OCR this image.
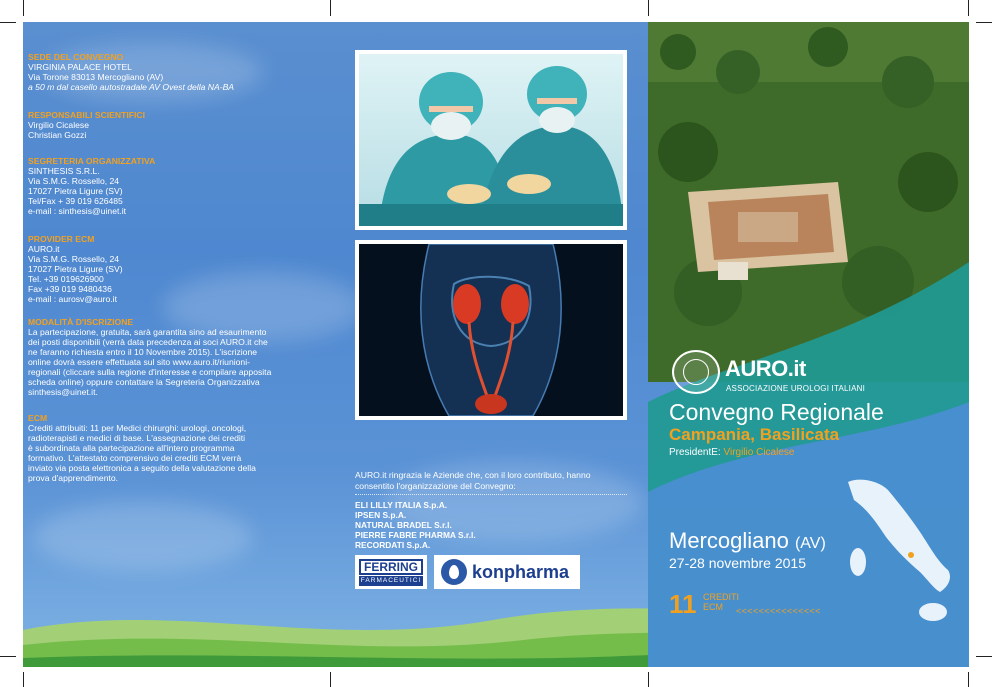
SEDE DEL CONVEGNO

VIRGINIA PALACE HOTEL

Via Torone 83013 Mercogliano (AV)

a 50 m dal casello autostradale AV Ovest della NA-BA

RESPONSABILI SCIENTIFICI

Virgilio Cicalese

Christian Gozzi

SEGRETERIA ORGANIZZATIVA

SINTHESIS S.R.L.

Via S.M.G. Rossello, 24

17027 Pietra Ligure (SV)

Tel/Fax + 39 019 626485

e-mail : sinthesis@uinet.it

PROVIDER ECM

AURO.it

Via S.M.G. Rossello, 24

17027 Pietra Ligure (SV)

Tel. +39 019626900

Fax +39 019 9480436

e-mail : aurosv@auro.it

MODALITÀ D'ISCRIZIONE

La partecipazione, gratuita, sarà garantita sino ad esaurimento

dei posti disponibili (verrà data precedenza ai soci AURO.it che

ne faranno richiesta entro il 10 Novembre 2015). L'iscrizione

online dovrà essere effettuata sul sito www.auro.it/riunioni-

regionali (cliccare sulla regione d'interesse e compilare apposita

scheda online) oppure contattare la Segreteria Organizzativa

sinthesis@uinet.it.

ECM

Crediti attribuiti: 11 per Medici chirurghi: urologi, oncologi,

radioterapisti e medici di base. L'assegnazione dei crediti

è subordinata alla partecipazione all'intero programma

formativo. L'attestato comprensivo dei crediti ECM verrà

inviato via posta elettronica a seguito della valutazione della

prova d'apprendimento.	AURO.it ringrazia le Aziende che, con il loro contributo, hanno

consentito l'organizzazione del Convegno:

ELI LILLY ITALIA S.p.A.

IPSEN S.p.A.

NATURAL BRADEL S.r.l.

PIERRE FABRE PHARMA S.r.l.

RECORDATI S.p.A.

FERRING
FARMACEUTICI	konpharma
AURO.it
ASSOCIAZIONE UROLOGI ITALIANI
Convegno Regionale
Campania, Basilicata
PresidentE: Virgilio Cicalese
Mercogliano (AV)
27-28 novembre 2015
11 CREDITI

ECM	<<<<<<<<<<<<<<<
